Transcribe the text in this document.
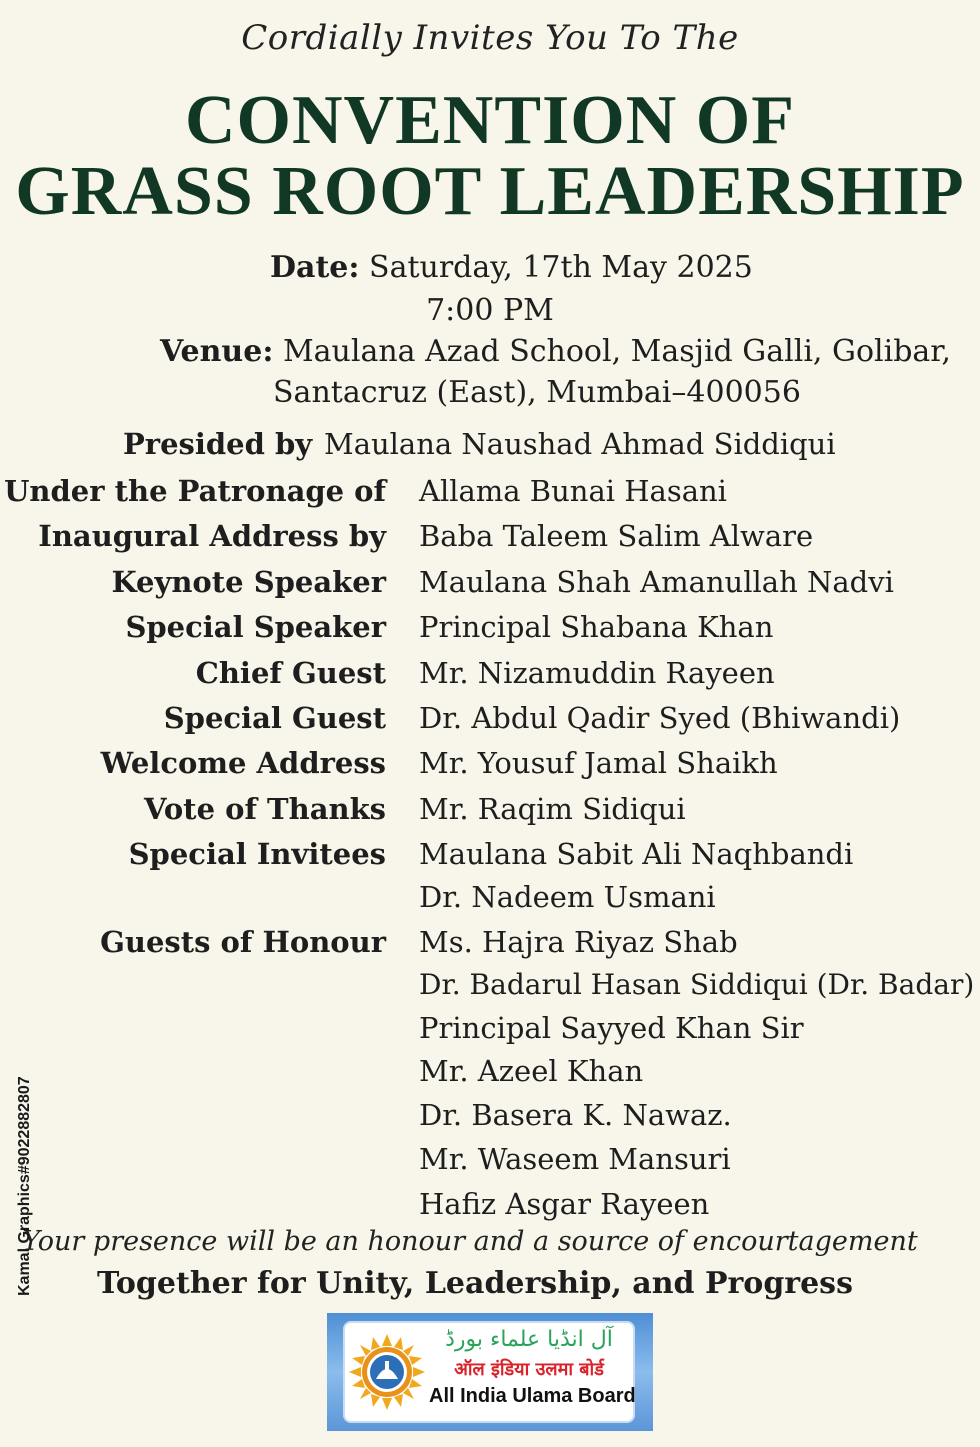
Cordially Invites You To The
CONVENTION OF
GRASS ROOT LEADERSHIP
Date: Saturday, 17th May 2025
7:00 PM
Venue: Maulana Azad School, Masjid Galli, Golibar,
Santacruz (East), Mumbai–400056
Presided by Maulana Naushad Ahmad Siddiqui
Under the Patronage of Allama Bunai Hasani
Inaugural Address by Baba Taleem Salim Alware
Keynote Speaker Maulana Shah Amanullah Nadvi
Special Speaker Principal Shabana Khan
Chief Guest Mr. Nizamuddin Rayeen
Special Guest Dr. Abdul Qadir Syed (Bhiwandi)
Welcome Address Mr. Yousuf Jamal Shaikh
Vote of Thanks Mr. Raqim Sidiqui
Special Invitees Maulana Sabit Ali Naqhbandi
Dr. Nadeem Usmani
Guests of Honour Ms. Hajra Riyaz Shab
Dr. Badarul Hasan Siddiqui (Dr. Badar)
Principal Sayyed Khan Sir
Mr. Azeel Khan
Dr. Basera K. Nawaz.
Mr. Waseem Mansuri
Hafiz Asgar Rayeen
Your presence will be an honour and a source of encourtagement
Together for Unity, Leadership, and Progress
Kamal Graphics#9022882807
آل انڈیا علماء بورڈ
ऑल इंडिया उलमा बोर्ड
All India Ulama Board
